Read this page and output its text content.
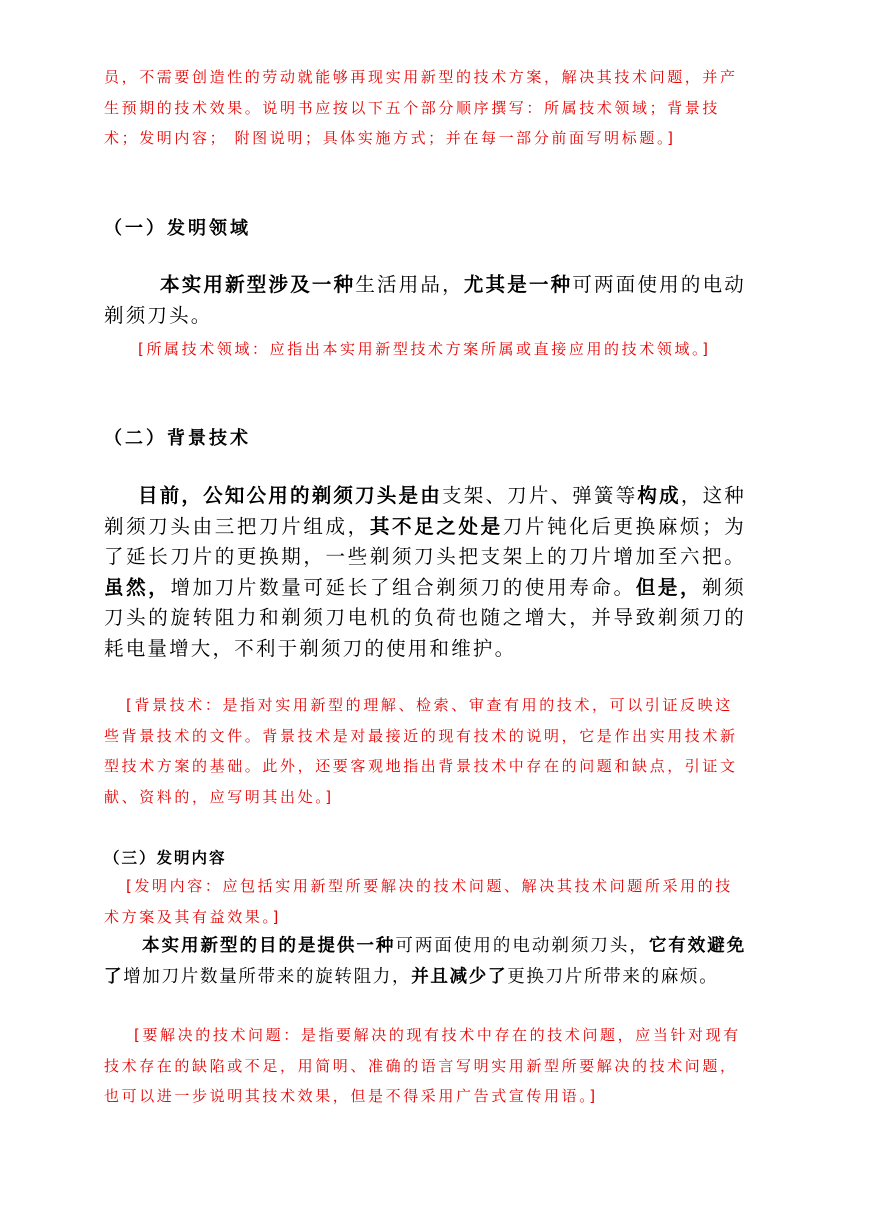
员，不需要创造性的劳动就能够再现实用新型的技术方案，解决其技术问题，并产生预期的技术效果。说明书应按以下五个部分顺序撰写：所属技术领域；背景技术；发明内容； 附图说明；具体实施方式；并在每一部分前面写明标题。]

（一）发明领域

本实用新型涉及一种生活用品，尤其是一种可两面使用的电动剃须刀头。

[所属技术领域：应指出本实用新型技术方案所属或直接应用的技术领域。]

（二）背景技术

目前，公知公用的剃须刀头是由支架、刀片、弹簧等构成，这种剃须刀头由三把刀片组成，其不足之处是刀片钝化后更换麻烦；为了延长刀片的更换期，一些剃须刀头把支架上的刀片增加至六把。虽然，增加刀片数量可延长了组合剃须刀的使用寿命。但是，剃须刀头的旋转阻力和剃须刀电机的负荷也随之增大，并导致剃须刀的耗电量增大，不利于剃须刀的使用和维护。

[背景技术：是指对实用新型的理解、检索、审查有用的技术，可以引证反映这些背景技术的文件。背景技术是对最接近的现有技术的说明，它是作出实用技术新型技术方案的基础。此外，还要客观地指出背景技术中存在的问题和缺点，引证文献、资料的，应写明其出处。]

（三）发明内容

[发明内容：应包括实用新型所要解决的技术问题、解决其技术问题所采用的技术方案及其有益效果。]

本实用新型的目的是提供一种可两面使用的电动剃须刀头，它有效避免了增加刀片数量所带来的旋转阻力，并且减少了更换刀片所带来的麻烦。

[要解决的技术问题：是指要解决的现有技术中存在的技术问题，应当针对现有技术存在的缺陷或不足，用简明、准确的语言写明实用新型所要解决的技术问题，也可以进一步说明其技术效果，但是不得采用广告式宣传用语。]
